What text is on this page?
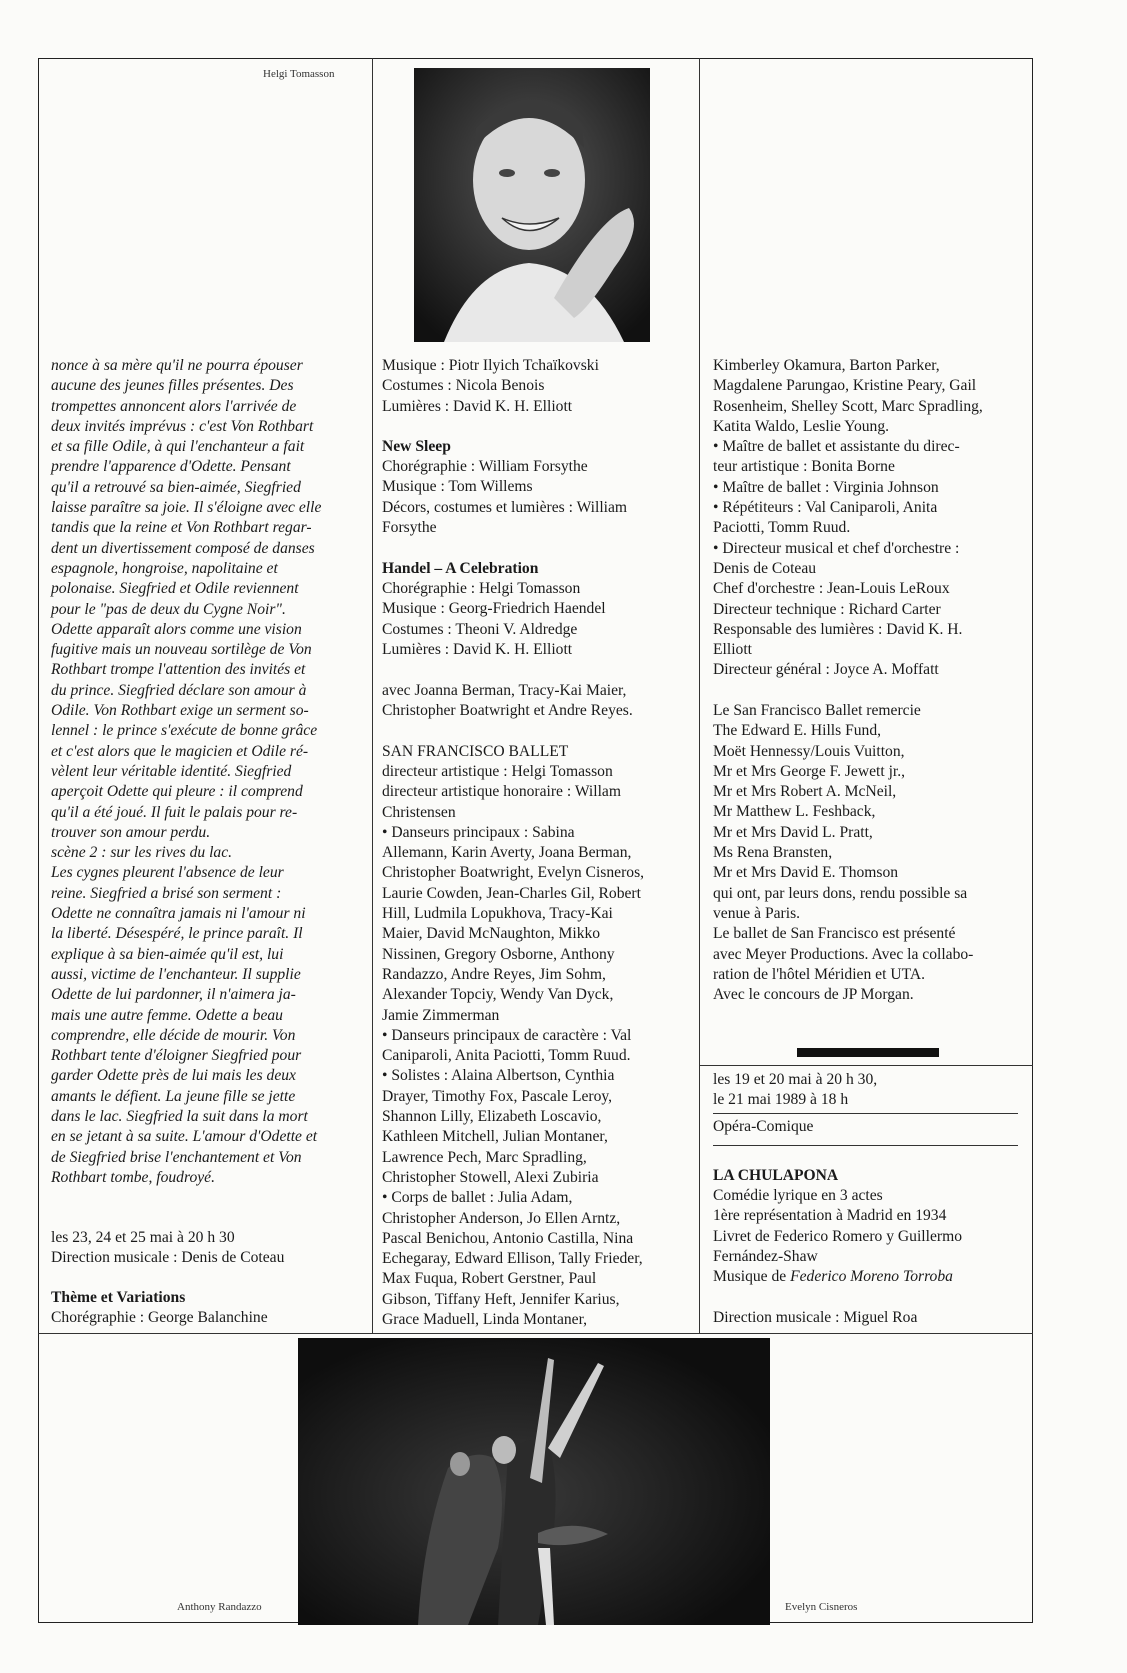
Helgi Tomasson

nonce à sa mère qu'il ne pourra épouser
aucune des jeunes filles présentes. Des
trompettes annoncent alors l'arrivée de
deux invités imprévus : c'est Von Rothbart
et sa fille Odile, à qui l'enchanteur a fait
prendre l'apparence d'Odette. Pensant
qu'il a retrouvé sa bien-aimée, Siegfried
laisse paraître sa joie. Il s'éloigne avec elle
tandis que la reine et Von Rothbart regar-
dent un divertissement composé de danses
espagnole, hongroise, napolitaine et
polonaise. Siegfried et Odile reviennent
pour le "pas de deux du Cygne Noir".
Odette apparaît alors comme une vision
fugitive mais un nouveau sortilège de Von
Rothbart trompe l'attention des invités et
du prince. Siegfried déclare son amour à
Odile. Von Rothbart exige un serment so-
lennel : le prince s'exécute de bonne grâce
et c'est alors que le magicien et Odile ré-
vèlent leur véritable identité. Siegfried
aperçoit Odette qui pleure : il comprend
qu'il a été joué. Il fuit le palais pour re-
trouver son amour perdu.
scène 2 : sur les rives du lac.
Les cygnes pleurent l'absence de leur
reine. Siegfried a brisé son serment :
Odette ne connaîtra jamais ni l'amour ni
la liberté. Désespéré, le prince paraît. Il
explique à sa bien-aimée qu'il est, lui
aussi, victime de l'enchanteur. Il supplie
Odette de lui pardonner, il n'aimera ja-
mais une autre femme. Odette a beau
comprendre, elle décide de mourir. Von
Rothbart tente d'éloigner Siegfried pour
garder Odette près de lui mais les deux
amants le défient. La jeune fille se jette
dans le lac. Siegfried la suit dans la mort
en se jetant à sa suite. L'amour d'Odette et
de Siegfried brise l'enchantement et Von
Rothbart tombe, foudroyé.

les 23, 24 et 25 mai à 20 h 30
Direction musicale : Denis de Coteau

Thème et Variations

Chorégraphie : George Balanchine

Musique : Piotr Ilyich Tchaïkovski
Costumes : Nicola Benois
Lumières : David K. H. Elliott

New Sleep

Chorégraphie : William Forsythe
Musique : Tom Willems
Décors, costumes et lumières : William
Forsythe

Handel – A Celebration

Chorégraphie : Helgi Tomasson
Musique : Georg-Friedrich Haendel
Costumes : Theoni V. Aldredge
Lumières : David K. H. Elliott

avec Joanna Berman, Tracy-Kai Maier,
Christopher Boatwright et Andre Reyes.

SAN FRANCISCO BALLET

directeur artistique : Helgi Tomasson
directeur artistique honoraire : Willam
Christensen
• Danseurs principaux : Sabina
Allemann, Karin Averty, Joana Berman,
Christopher Boatwright, Evelyn Cisneros,
Laurie Cowden, Jean-Charles Gil, Robert
Hill, Ludmila Lopukhova, Tracy-Kai
Maier, David McNaughton, Mikko
Nissinen, Gregory Osborne, Anthony
Randazzo, Andre Reyes, Jim Sohm,
Alexander Topciy, Wendy Van Dyck,
Jamie Zimmerman
• Danseurs principaux de caractère : Val
Caniparoli, Anita Paciotti, Tomm Ruud.
• Solistes : Alaina Albertson, Cynthia
Drayer, Timothy Fox, Pascale Leroy,
Shannon Lilly, Elizabeth Loscavio,
Kathleen Mitchell, Julian Montaner,
Lawrence Pech, Marc Spradling,
Christopher Stowell, Alexi Zubiria
• Corps de ballet : Julia Adam,
Christopher Anderson, Jo Ellen Arntz,
Pascal Benichou, Antonio Castilla, Nina
Echegaray, Edward Ellison, Tally Frieder,
Max Fuqua, Robert Gerstner, Paul
Gibson, Tiffany Heft, Jennifer Karius,
Grace Maduell, Linda Montaner,

Kimberley Okamura, Barton Parker,
Magdalene Parungao, Kristine Peary, Gail
Rosenheim, Shelley Scott, Marc Spradling,
Katita Waldo, Leslie Young.
• Maître de ballet et assistante du direc-
teur artistique : Bonita Borne
• Maître de ballet : Virginia Johnson
• Répétiteurs : Val Caniparoli, Anita
Paciotti, Tomm Ruud.
• Directeur musical et chef d'orchestre :
Denis de Coteau
Chef d'orchestre : Jean-Louis LeRoux
Directeur technique : Richard Carter
Responsable des lumières : David K. H.
Elliott
Directeur général : Joyce A. Moffatt

Le San Francisco Ballet remercie
The Edward E. Hills Fund,
Moët Hennessy/Louis Vuitton,
Mr et Mrs George F. Jewett jr.,
Mr et Mrs Robert A. McNeil,
Mr Matthew L. Feshback,
Mr et Mrs David L. Pratt,
Ms Rena Bransten,
Mr et Mrs David E. Thomson
qui ont, par leurs dons, rendu possible sa
venue à Paris.
Le ballet de San Francisco est présenté
avec Meyer Productions. Avec la collabo-
ration de l'hôtel Méridien et UTA.
Avec le concours de JP Morgan.

les 19 et 20 mai à 20 h 30,
le 21 mai 1989 à 18 h

Opéra-Comique

LA CHULAPONA

Comédie lyrique en 3 actes
1ère représentation à Madrid en 1934
Livret de Federico Romero y Guillermo
Fernández-Shaw

Musique de Federico Moreno Torroba

Direction musicale : Miguel Roa

Anthony Randazzo	Evelyn Cisneros
